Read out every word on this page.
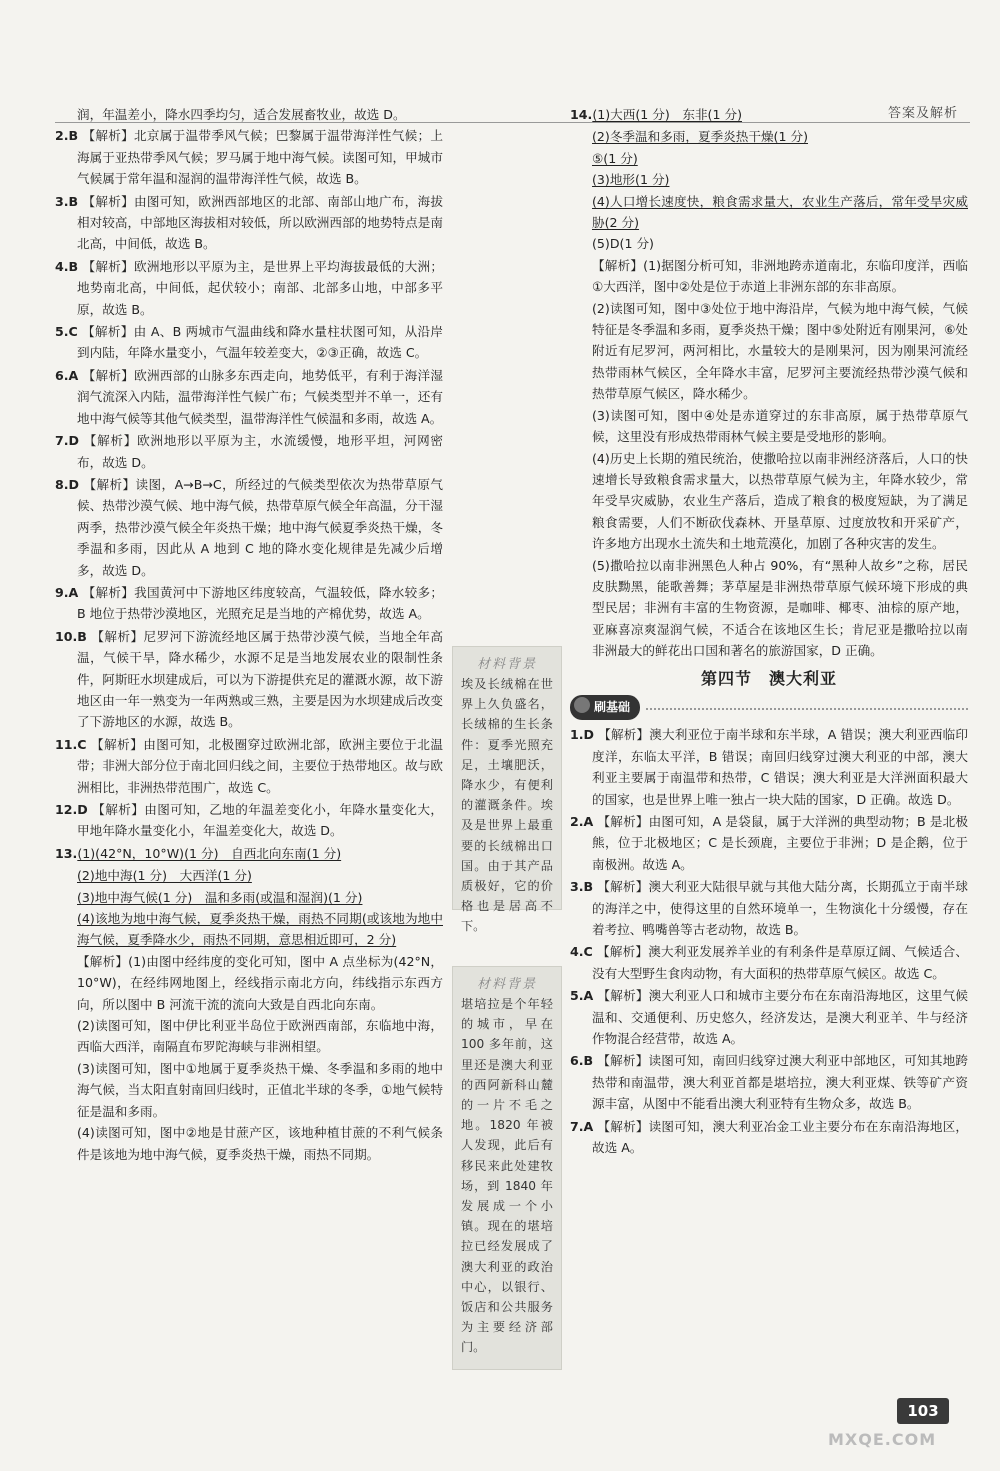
答案及解析

润，年温差小，降水四季均匀，适合发展畜牧业，故选 D。

2.B 【解析】北京属于温带季风气候；巴黎属于温带海洋性气候；上海属于亚热带季风气候；罗马属于地中海气候。读图可知，甲城市气候属于常年温和湿润的温带海洋性气候，故选 B。
3.B 【解析】由图可知，欧洲西部地区的北部、南部山地广布，海拔相对较高，中部地区海拔相对较低，所以欧洲西部的地势特点是南北高，中间低，故选 B。
4.B 【解析】欧洲地形以平原为主，是世界上平均海拔最低的大洲；地势南北高，中间低，起伏较小；南部、北部多山地，中部多平原，故选 B。
5.C 【解析】由 A、B 两城市气温曲线和降水量柱状图可知，从沿岸到内陆，年降水量变小，气温年较差变大，②③正确，故选 C。
6.A 【解析】欧洲西部的山脉多东西走向，地势低平，有利于海洋湿润气流深入内陆，温带海洋性气候广布；气候类型并不单一，还有地中海气候等其他气候类型，温带海洋性气候温和多雨，故选 A。
7.D 【解析】欧洲地形以平原为主，水流缓慢，地形平坦，河网密布，故选 D。
8.D 【解析】读图，A→B→C，所经过的气候类型依次为热带草原气候、热带沙漠气候、地中海气候，热带草原气候全年高温，分干湿两季，热带沙漠气候全年炎热干燥；地中海气候夏季炎热干燥，冬季温和多雨，因此从 A 地到 C 地的降水变化规律是先减少后增多，故选 D。
9.A 【解析】我国黄河中下游地区纬度较高，气温较低，降水较多；B 地位于热带沙漠地区，光照充足是当地的产棉优势，故选 A。
10.B 【解析】尼罗河下游流经地区属于热带沙漠气候，当地全年高温，气候干旱，降水稀少，水源不足是当地发展农业的限制性条件，阿斯旺水坝建成后，可以为下游提供充足的灌溉水源，故下游地区由一年一熟变为一年两熟或三熟，主要是因为水坝建成后改变了下游地区的水源，故选 B。
11.C 【解析】由图可知，北极圈穿过欧洲北部，欧洲主要位于北温带；非洲大部分位于南北回归线之间，主要位于热带地区。故与欧洲相比，非洲热带范围广，故选 C。
12.D 【解析】由图可知，乙地的年温差变化小，年降水量变化大，甲地年降水量变化小，年温差变化大，故选 D。
13.(1)(42°N，10°W)(1 分)　自西北向东南(1 分)

(2)地中海(1 分)　大西洋(1 分)

(3)地中海气候(1 分)　温和多雨(或温和湿润)(1 分)

(4)该地为地中海气候，夏季炎热干燥，雨热不同期(或该地为地中海气候，夏季降水少，雨热不同期，意思相近即可，2 分)

【解析】(1)由图中经纬度的变化可知，图中 A 点坐标为(42°N，10°W)，在经纬网地图上，经线指示南北方向，纬线指示东西方向，所以图中 B 河流干流的流向大致是自西北向东南。

(2)读图可知，图中伊比利亚半岛位于欧洲西南部，东临地中海，西临大西洋，南隔直布罗陀海峡与非洲相望。

(3)读图可知，图中①地属于夏季炎热干燥、冬季温和多雨的地中海气候，当太阳直射南回归线时，正值北半球的冬季，①地气候特征是温和多雨。

(4)读图可知，图中②地是甘蔗产区，该地种植甘蔗的不利气候条件是该地为地中海气候，夏季炎热干燥，雨热不同期。

材料背景
埃及长绒棉在世界上久负盛名，长绒棉的生长条件：夏季光照充足，土壤肥沃，降水少，有便利的灌溉条件。埃及是世界上最重要的长绒棉出口国。由于其产品质极好，它的价格也是居高不下。
材料背景
堪培拉是个年轻的城市，早在 100 多年前，这里还是澳大利亚的西阿新科山麓的一片不毛之地。1820 年被人发现，此后有移民来此处建牧场，到 1840 年发展成一个小镇。现在的堪培拉已经发展成了澳大利亚的政治中心，以银行、饭店和公共服务为主要经济部门。
14.(1)大西(1 分)　东非(1 分)

(2)冬季温和多雨，夏季炎热干燥(1 分)

⑤(1 分)

(3)地形(1 分)

(4)人口增长速度快，粮食需求量大，农业生产落后，常年受旱灾威胁(2 分)

(5)D(1 分)

【解析】(1)据图分析可知，非洲地跨赤道南北，东临印度洋，西临①大西洋，图中②处是位于赤道上非洲东部的东非高原。

(2)读图可知，图中③处位于地中海沿岸，气候为地中海气候，气候特征是冬季温和多雨，夏季炎热干燥；图中⑤处附近有刚果河，⑥处附近有尼罗河，两河相比，水量较大的是刚果河，因为刚果河流经热带雨林气候区，全年降水丰富，尼罗河主要流经热带沙漠气候和热带草原气候区，降水稀少。

(3)读图可知，图中④处是赤道穿过的东非高原，属于热带草原气候，这里没有形成热带雨林气候主要是受地形的影响。

(4)历史上长期的殖民统治，使撒哈拉以南非洲经济落后，人口的快速增长导致粮食需求量大，以热带草原气候为主，年降水较少，常年受旱灾威胁，农业生产落后，造成了粮食的极度短缺，为了满足粮食需要，人们不断砍伐森林、开垦草原、过度放牧和开采矿产，许多地方出现水土流失和土地荒漠化，加剧了各种灾害的发生。

(5)撒哈拉以南非洲黑色人种占 90%，有“黑种人故乡”之称，居民皮肤黝黑，能歌善舞；茅草屋是非洲热带草原气候环境下形成的典型民居；非洲有丰富的生物资源，是咖啡、椰枣、油棕的原产地，亚麻喜凉爽湿润气候，不适合在该地区生长；肯尼亚是撒哈拉以南非洲最大的鲜花出口国和著名的旅游国家，D 正确。

第四节　澳大利亚
刷基础
1.D 【解析】澳大利亚位于南半球和东半球，A 错误；澳大利亚西临印度洋，东临太平洋，B 错误；南回归线穿过澳大利亚的中部，澳大利亚主要属于南温带和热带，C 错误；澳大利亚是大洋洲面积最大的国家，也是世界上唯一独占一块大陆的国家，D 正确。故选 D。
2.A 【解析】由图可知，A 是袋鼠，属于大洋洲的典型动物；B 是北极熊，位于北极地区；C 是长颈鹿，主要位于非洲；D 是企鹅，位于南极洲。故选 A。
3.B 【解析】澳大利亚大陆很早就与其他大陆分离，长期孤立于南半球的海洋之中，使得这里的自然环境单一，生物演化十分缓慢，存在着考拉、鸭嘴兽等古老动物，故选 B。
4.C 【解析】澳大利亚发展养羊业的有利条件是草原辽阔、气候适合、没有大型野生食肉动物，有大面积的热带草原气候区。故选 C。
5.A 【解析】澳大利亚人口和城市主要分布在东南沿海地区，这里气候温和、交通便利、历史悠久，经济发达，是澳大利亚羊、牛与经济作物混合经营带，故选 A。
6.B 【解析】读图可知，南回归线穿过澳大利亚中部地区，可知其地跨热带和南温带，澳大利亚首都是堪培拉，澳大利亚煤、铁等矿产资源丰富，从图中不能看出澳大利亚特有生物众多，故选 B。
7.A 【解析】读图可知，澳大利亚冶金工业主要分布在东南沿海地区，故选 A。
103
MXQE.COM
